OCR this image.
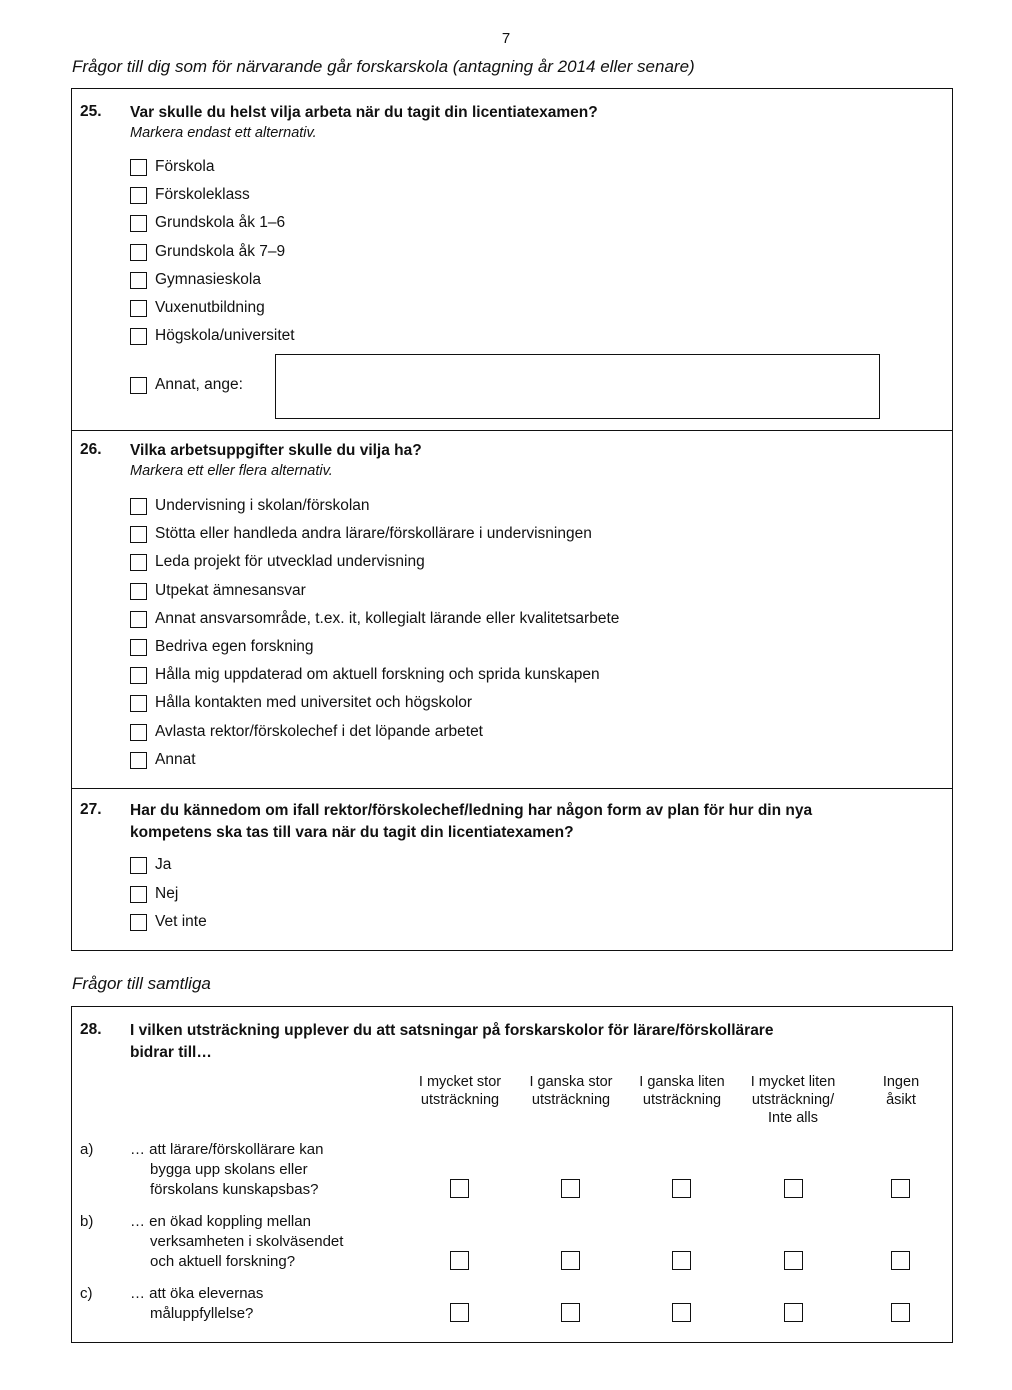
7
Frågor till dig som för närvarande går forskarskola (antagning år 2014 eller senare)
25. Var skulle du helst vilja arbeta när du tagit din licentiatexamen?
Markera endast ett alternativ.
Förskola
Förskoleklass
Grundskola åk 1–6
Grundskola åk 7–9
Gymnasieskola
Vuxenutbildning
Högskola/universitet
Annat, ange:
26. Vilka arbetsuppgifter skulle du vilja ha?
Markera ett eller flera alternativ.
Undervisning i skolan/förskolan
Stötta eller handleda andra lärare/förskollärare i undervisningen
Leda projekt för utvecklad undervisning
Utpekat ämnesansvar
Annat ansvarsområde, t.ex. it, kollegialt lärande eller kvalitetsarbete
Bedriva egen forskning
Hålla mig uppdaterad om aktuell forskning och sprida kunskapen
Hålla kontakten med universitet och högskolor
Avlasta rektor/förskolechef i det löpande arbetet
Annat
27. Har du kännedom om ifall rektor/förskolechef/ledning har någon form av plan för hur din nya
kompetens ska tas till vara när du tagit din licentiatexamen?
Ja
Nej
Vet inte
Frågor till samtliga
28. I vilken utsträckning upplever du att satsningar på forskarskolor för lärare/förskollärare
bidrar till…
I mycket stor
utsträckning
I ganska stor
utsträckning
I ganska liten
utsträckning
I mycket liten
utsträckning/
Inte alls
Ingen
åsikt
a) … att lärare/förskollärare kan
bygga upp skolans eller
förskolans kunskapsbas?
b) … en ökad koppling mellan
verksamheten i skolväsendet
och aktuell forskning?
c)	… att öka elevernas
måluppfyllelse?
